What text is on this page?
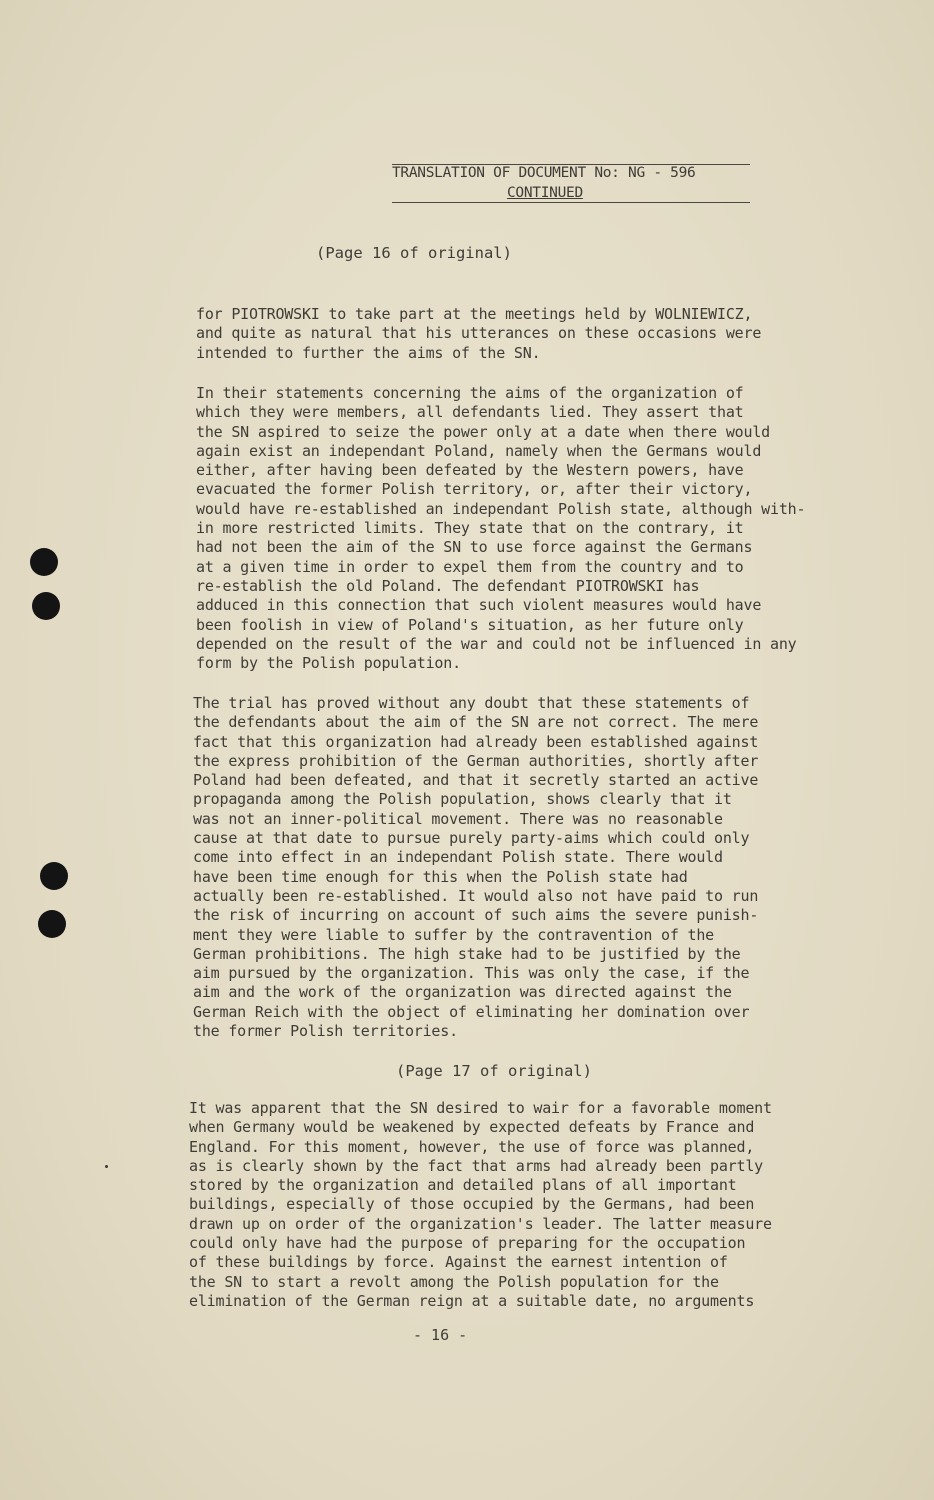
TRANSLATION OF DOCUMENT No: NG - 596
CONTINUED
(Page 16 of original)
for PIOTROWSKI to take part at the meetings held by WOLNIEWICZ,
and quite as natural that his utterances on these occasions were
intended to further the aims of the SN.
In their statements concerning the aims of the organization of
which they were members, all defendants lied. They assert that
the SN aspired to seize the power only at a date when there would
again exist an independant Poland, namely when the Germans would
either, after having been defeated by the Western powers, have
evacuated the former Polish territory, or, after their victory,
would have re-established an independant Polish state, although with-
in more restricted limits. They state that on the contrary, it
had not been the aim of the SN to use force against the Germans
at a given time in order to expel them from the country and to
re-establish the old Poland. The defendant PIOTROWSKI has
adduced in this connection that such violent measures would have
been foolish in view of Poland's situation, as her future only
depended on the result of the war and could not be influenced in any
form by the Polish population.
The trial has proved without any doubt that these statements of
the defendants about the aim of the SN are not correct. The mere
fact that this organization had already been established against
the express prohibition of the German authorities, shortly after
Poland had been defeated, and that it secretly started an active
propaganda among the Polish population, shows clearly that it
was not an inner-political movement. There was no reasonable
cause at that date to pursue purely party-aims which could only
come into effect in an independant Polish state. There would
have been time enough for this when the Polish state had
actually been re-established. It would also not have paid to run
the risk of incurring on account of such aims the severe punish-
ment they were liable to suffer by the contravention of the
German prohibitions. The high stake had to be justified by the
aim pursued by the organization. This was only the case, if the
aim and the work of the organization was directed against the
German Reich with the object of eliminating her domination over
the former Polish territories.
(Page 17 of original)
It was apparent that the SN desired to wair for a favorable moment
when Germany would be weakened by expected defeats by France and
England. For this moment, however, the use of force was planned,
as is clearly shown by the fact that arms had already been partly
stored by the organization and detailed plans of all important
buildings, especially of those occupied by the Germans, had been
drawn up on order of the organization's leader. The latter measure
could only have had the purpose of preparing for the occupation
of these buildings by force. Against the earnest intention of
the SN to start a revolt among the Polish population for the
elimination of the German reign at a suitable date, no arguments
- 16 -
